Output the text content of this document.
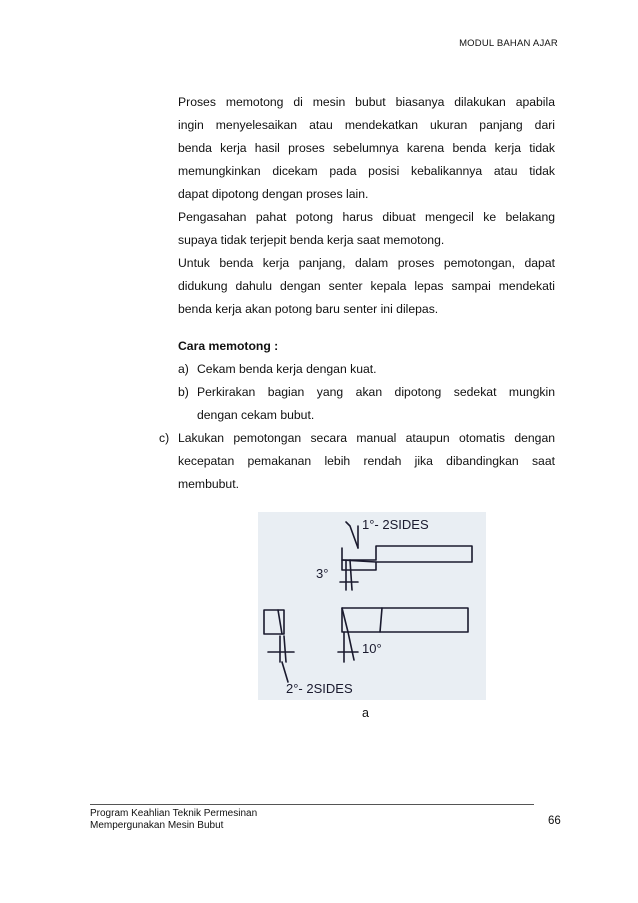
MODUL BAHAN AJAR
Proses memotong di mesin bubut biasanya dilakukan apabila
ingin menyelesaikan atau mendekatkan ukuran panjang dari
benda kerja hasil proses sebelumnya karena benda kerja tidak
memungkinkan dicekam pada posisi kebalikannya atau tidak
dapat dipotong dengan proses lain.
Pengasahan pahat potong harus dibuat mengecil ke belakang
supaya tidak terjepit benda kerja saat memotong.
Untuk benda kerja panjang, dalam proses pemotongan, dapat
didukung dahulu dengan senter kepala lepas sampai mendekati
benda kerja akan potong baru senter ini dilepas.
Cara memotong :
a) Cekam benda kerja dengan kuat.
b) Perkirakan bagian yang akan dipotong sedekat mungkin
dengan cekam bubut.
c) Lakukan pemotongan secara manual ataupun otomatis dengan
kecepatan pemakanan lebih rendah jika dibandingkan saat
membubut.
1°- 2SIDES
3°
10°
2°- 2SIDES
a
Program Keahlian Teknik Permesinan
Mempergunakan Mesin Bubut	66
